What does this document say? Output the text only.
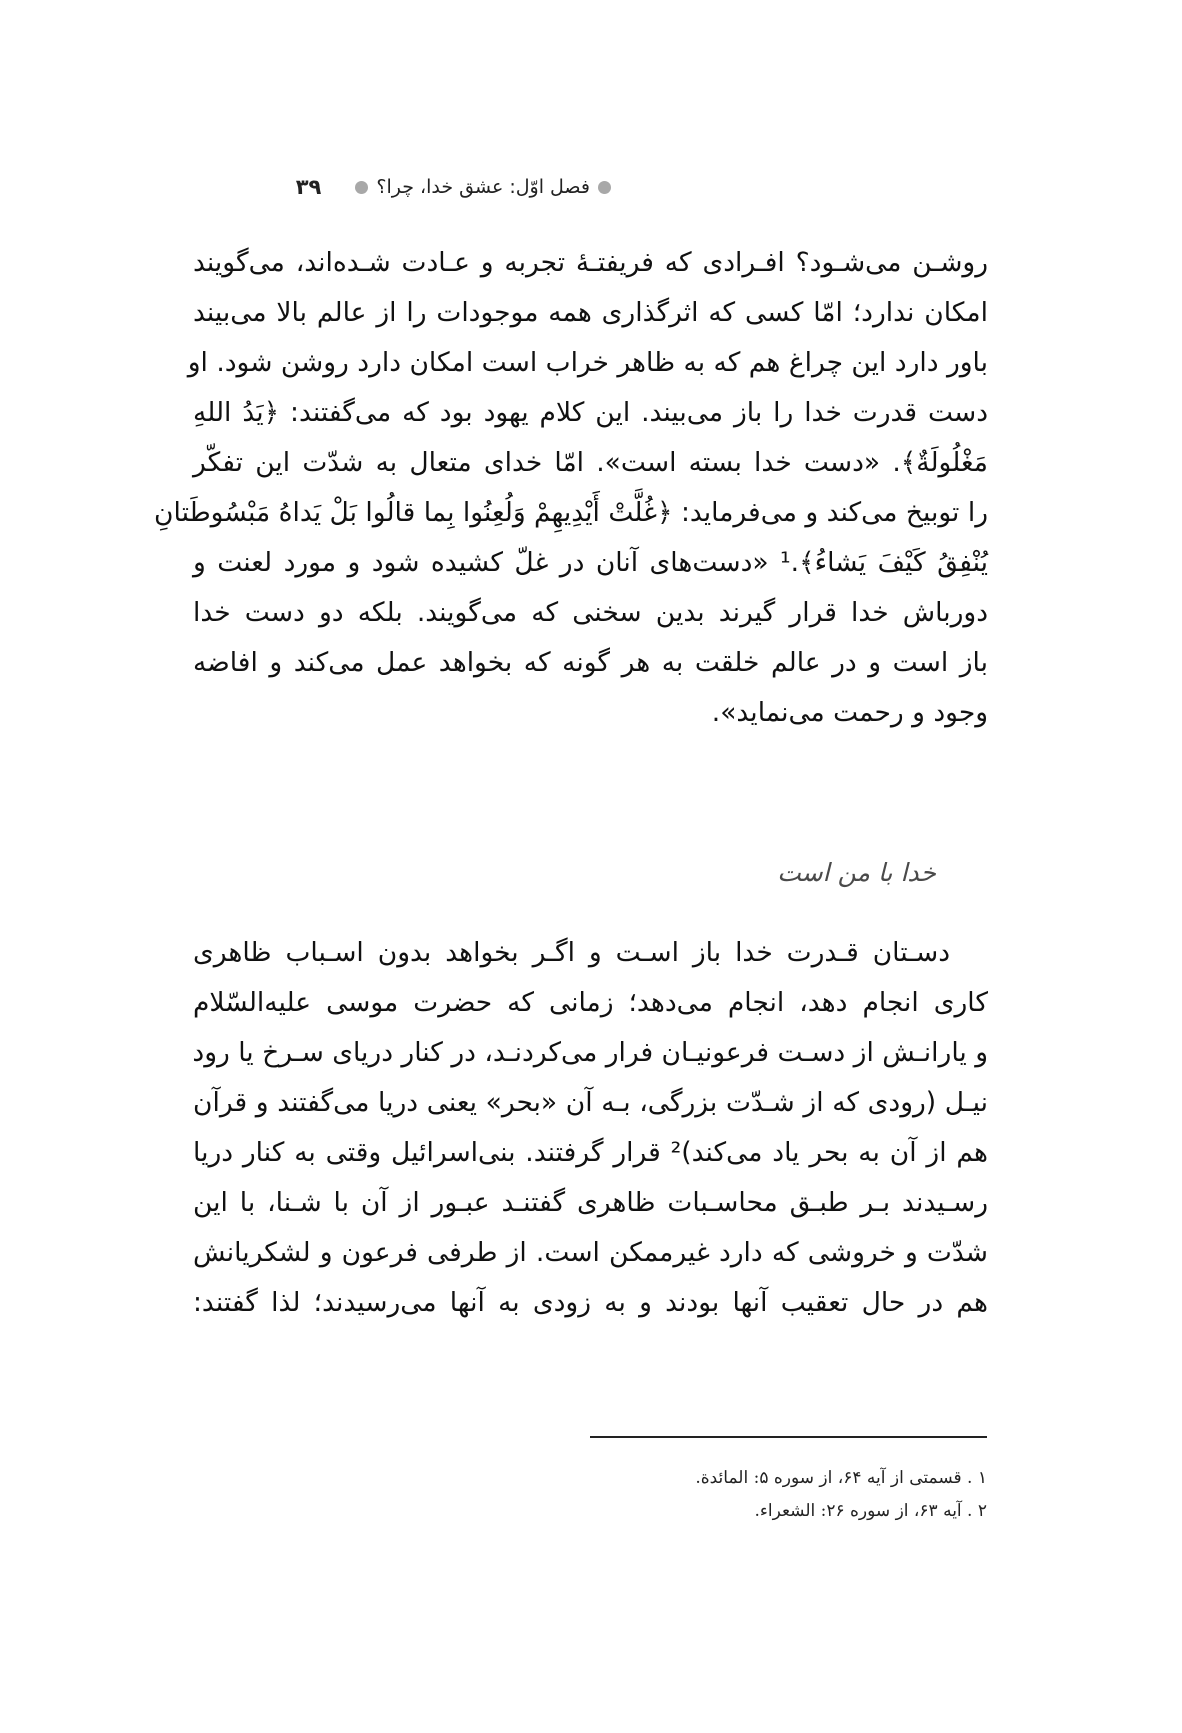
فصل اوّل: عشق خدا، چرا؟
۳۹
روشـن می‌شـود؟ افـرادی که فریفتـهٔ تجربه و عـادت شـده‌اند، می‌گویند
امکان ندارد؛ امّا کسی که اثرگذاری همه موجودات را از عالم بالا می‌بیند
باور دارد این چراغ هم که به ظاهر خراب است امکان دارد روشن شود. او
دست قدرت خدا را باز می‌بیند. این کلام یهود بود که می‌گفتند: ﴿یَدُ اللهِ
مَغْلُولَةٌ﴾. «دست خدا بسته است». امّا خدای متعال به شدّت این تفکّر
را توبیخ می‌کند و می‌فرماید: ﴿غُلَّتْ أَیْدِیهِمْ وَلُعِنُوا بِما قالُوا بَلْ یَداهُ مَبْسُوطَتانِ
یُنْفِقُ کَیْفَ یَشاءُ﴾.¹ «دست‌های آنان در غلّ کشیده شود و مورد لعنت و
دورباش خدا قرار گیرند بدین سخنی که می‌گویند. بلکه دو دست خدا
باز است و در عالم خلقت به هر گونه که بخواهد عمل می‌کند و افاضه
وجود و رحمت می‌نماید».
خدا با من است
دسـتان قـدرت خدا باز اسـت و اگـر بخواهد بدون اسـباب ظاهری
کاری انجام دهد، انجام می‌دهد؛ زمانی که حضرت موسی علیه‌السّلام
و یارانـش از دسـت فرعونیـان فرار می‌کردنـد، در کنار دریای سـرخ یا رود
نیـل (رودی که از شـدّت بزرگی، بـه آن «بحر» یعنی دریا می‌گفتند و قرآن
هم از آن به بحر یاد می‌کند)² قرار گرفتند. بنی‌اسرائیل وقتی به کنار دریا
رسـیدند بـر طبـق محاسـبات ظاهری گفتنـد عبـور از آن با شـنا، با این
شدّت و خروشی که دارد غیرممکن است. از طرفی فرعون و لشکریانش
هم در حال تعقیب آنها بودند و به زودی به آنها می‌رسیدند؛ لذا گفتند:
۱ . قسمتی از آیه ۶۴، از سوره ۵: المائدة.
۲ . آیه ۶۳، از سوره ۲۶: الشعراء.
